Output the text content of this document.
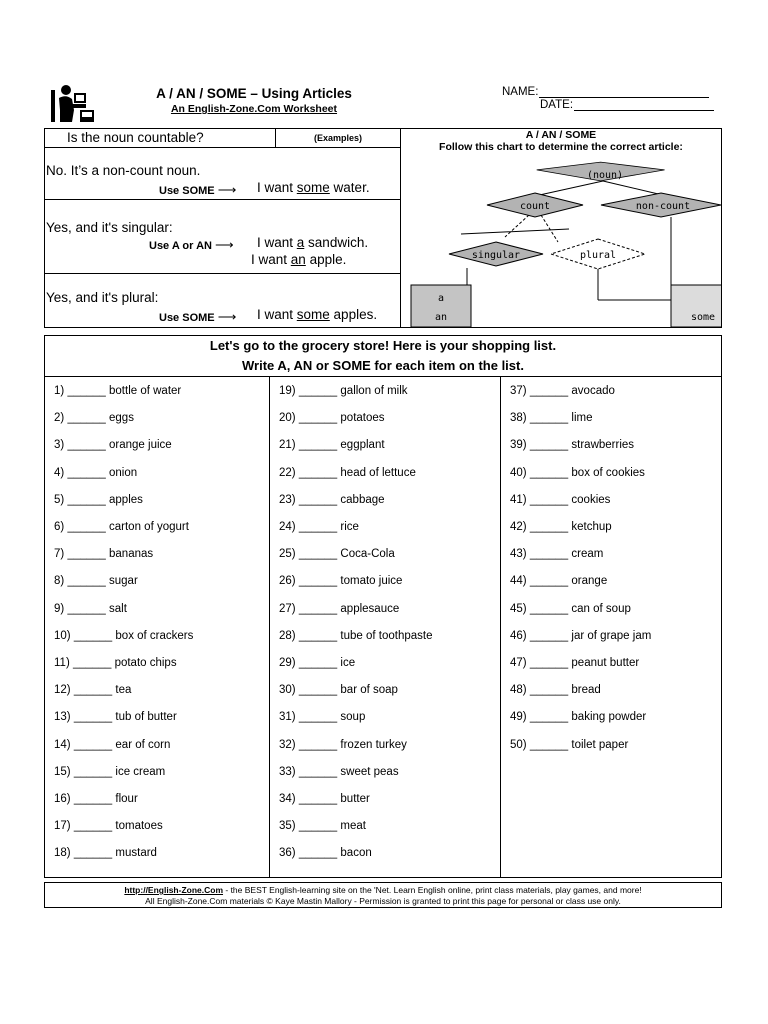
A / AN / SOME – Using Articles
An English-Zone.Com Worksheet
NAME:
DATE:
Is the noun countable?	(Examples)
No. It’s a non-count noun.
Use SOME ⟶ I want some water.
Yes, and it's singular:
Use A or AN ⟶ I want a sandwich.
I want an apple.
Yes, and it's plural:
Use SOME ⟶ I want some apples.
A / AN / SOME
Follow this chart to determine the correct article:
(noun)
count	non-count
singular	plural
a
an	some
Let's go to the grocery store! Here is your shopping list.
Write A, AN or SOME for each item on the list.
1) ______ bottle of water
2) ______ eggs
3) ______ orange juice
4) ______ onion
5) ______ apples
6) ______ carton of yogurt
7) ______ bananas
8) ______ sugar
9) ______ salt
10) ______ box of crackers
11) ______ potato chips
12) ______ tea
13) ______ tub of butter
14) ______ ear of corn
15) ______ ice cream
16) ______ flour
17) ______ tomatoes
18) ______ mustard
19) ______ gallon of milk
20) ______ potatoes
21) ______ eggplant
22) ______ head of lettuce
23) ______ cabbage
24) ______ rice
25) ______ Coca-Cola
26) ______ tomato juice
27) ______ applesauce
28) ______ tube of toothpaste
29) ______ ice
30) ______ bar of soap
31) ______ soup
32) ______ frozen turkey
33) ______ sweet peas
34) ______ butter
35) ______ meat
36) ______ bacon
37) ______ avocado
38) ______ lime
39) ______ strawberries
40) ______ box of cookies
41) ______ cookies
42) ______ ketchup
43) ______ cream
44) ______ orange
45) ______ can of soup
46) ______ jar of grape jam
47) ______ peanut butter
48) ______ bread
49) ______ baking powder
50) ______ toilet paper
http://English-Zone.Com - the BEST English-learning site on the 'Net. Learn English online, print class materials, play games, and more!
All English-Zone.Com materials © Kaye Mastin Mallory - Permission is granted to print this page for personal or class use only.
